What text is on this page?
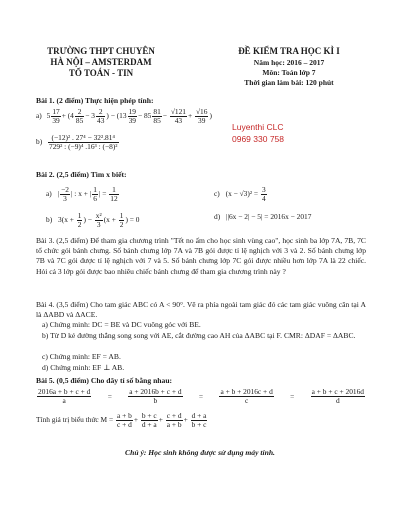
TRƯỜNG THPT CHUYÊN
HÀ NỘI – AMSTERDAM
TỔ TOÁN - TIN
ĐỀ KIỂM TRA HỌC KÌ I
Năm học: 2016 – 2017
Môn: Toán lớp 7
Thời gian làm bài: 120 phút
Bài 1. (2 điểm) Thực hiện phép tính:
a) $5 \frac{17}{39} + (4 \frac{2}{85} - 3 \frac{2}{43}$ ) − ($13 \frac{19}{39} - 85 \frac{81}{85} - \frac{√121}{43} + \frac{√16}{39}$ )
$b) \frac{\text{(−12)² . 27⁴ − 32².81⁴}}{\text{729² : (−9)⁴ .16³ : (−8)²}}$
Luyenthi CLC
0969 330 758
Bài 2. (2,5 điểm) Tìm x biết:
a) | $\frac{-2}{3}$ | : x + | $\frac{1}{6}$ | = $\frac{1}{12}$
b) $3(x + \frac{1}{2}$ ) − $\frac{\text{x²}}{3} (x + \frac{1}{2}$ ) = 0
c) $(x - √3)^2 = \frac{3}{4}$
d) ||6x − 2| − 5| = 2016x − 2017
Bài 3. (2,5 điểm) Để tham gia chương trình "Tết no ấm cho học sinh vùng cao", học sinh ba lớp 7A, 7B, 7C tổ chức gói bánh chưng. Số bánh chưng lớp 7A và 7B gói được tỉ lệ nghịch với 3 và 2. Số bánh chưng lớp 7B và 7C gói được tỉ lệ nghịch với 7 và 5. Số bánh chưng lớp 7C gói được nhiều hơn lớp 7A là 22 chiếc. Hỏi cả 3 lớp gói được bao nhiêu chiếc bánh chưng để tham gia chương trình này ?
Bài 4. (3,5 điểm) Cho tam giác ABC có A < 90°. Vẽ ra phía ngoài tam giác đó các tam giác vuông cân tại A là ΔABD và ΔACE.
a) Chứng minh: DC = BE và DC vuông góc với BE.
b) Từ D kẻ đường thẳng song song với AE, cắt đường cao AH của ΔABC tại F. CMR: ΔDAF = ΔABC.
c) Chứng minh: EF = AB.
d) Chứng minh: EF ⊥ AB.
Bài 5. (0,5 điểm) Cho dãy tỉ số bằng nhau:
$\frac{2016a + b + c + d}{a} = \frac{a + 2016b + c + d}{b} = \frac{a + b + 2016c + d}{c} = \frac{a + b + c + 2016d}{d}$
Tính giá trị biểu thức $M = \frac{a + b}{c + d} + \frac{b + c}{d + a} + \frac{c + d}{a + b} + \frac{d + a}{b + c}$
Chú ý: Học sinh không được sử dụng máy tính.
